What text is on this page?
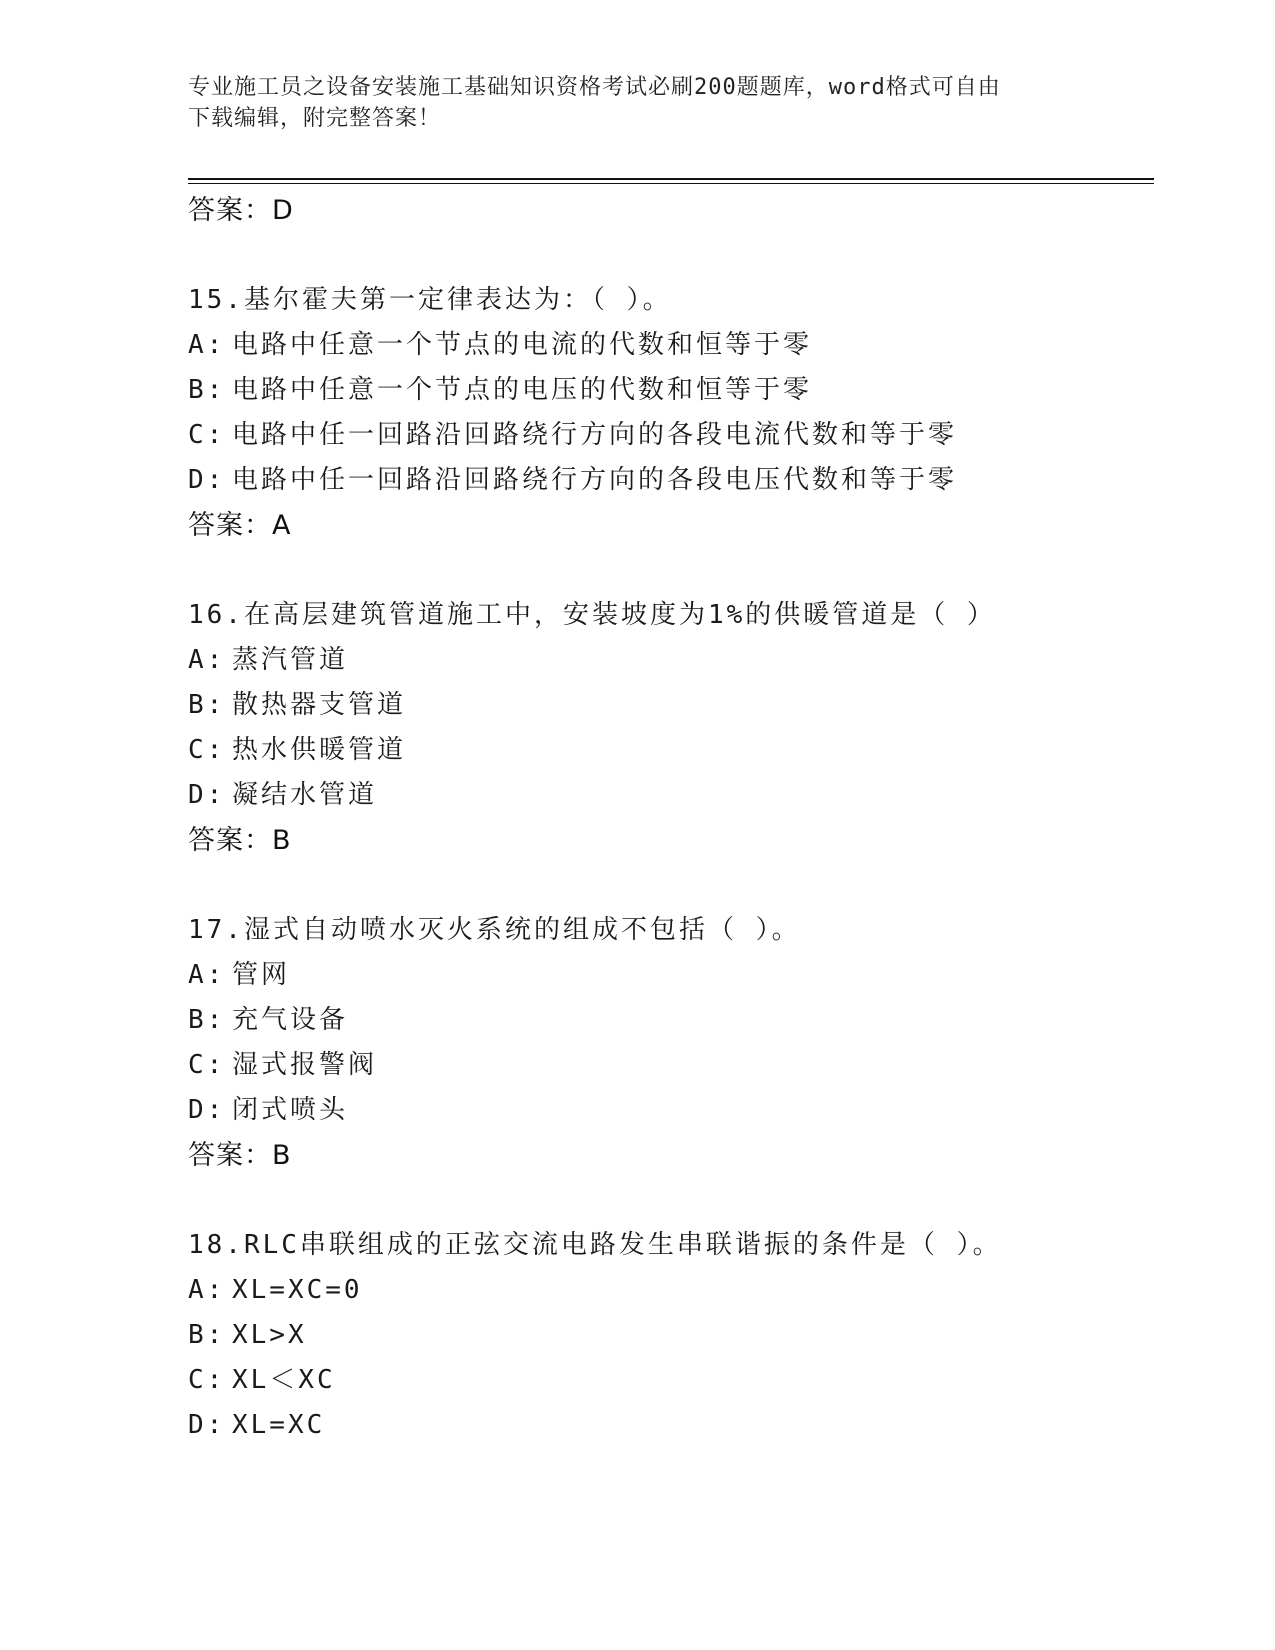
专业施工员之设备安装施工基础知识资格考试必刷200题题库，word格式可自由
下载编辑，附完整答案！
答案：D
15.基尔霍夫第一定律表达为：（ ）。
A: 电路中任意一个节点的电流的代数和恒等于零
B: 电路中任意一个节点的电压的代数和恒等于零
C: 电路中任一回路沿回路绕行方向的各段电流代数和等于零
D: 电路中任一回路沿回路绕行方向的各段电压代数和等于零
答案：A
16.在高层建筑管道施工中，安装坡度为1%的供暖管道是（ ）
A: 蒸汽管道
B: 散热器支管道
C: 热水供暖管道
D: 凝结水管道
答案：B
17.湿式自动喷水灭火系统的组成不包括（ ）。
A: 管网
B: 充气设备
C: 湿式报警阀
D: 闭式喷头
答案：B
18.RLC串联组成的正弦交流电路发生串联谐振的条件是（ ）。
A: XL=XC=0
B: XL>X
C: XL＜XC
D: XL=XC
